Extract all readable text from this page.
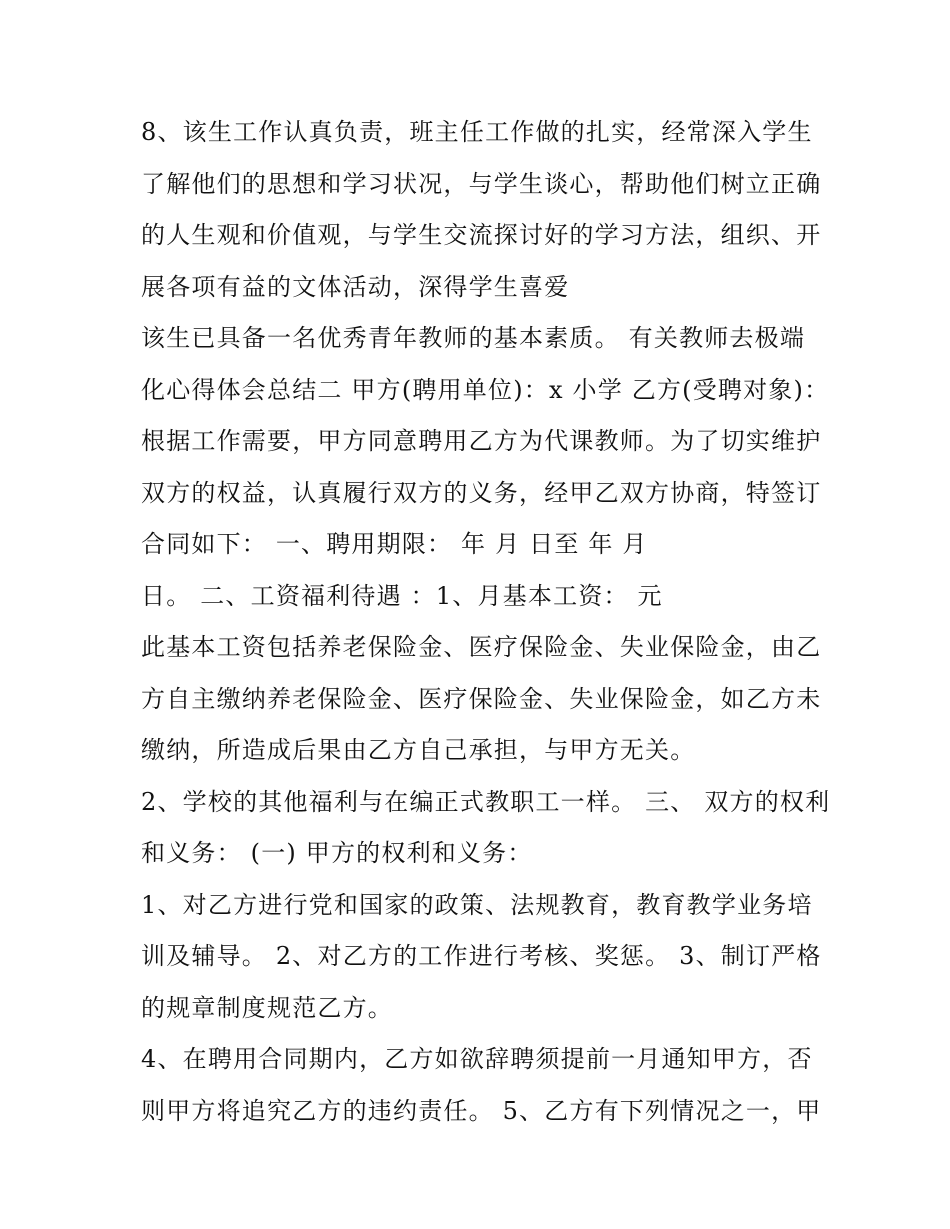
8、该生工作认真负责，班主任工作做的扎实，经常深入学生
了解他们的思想和学习状况，与学生谈心，帮助他们树立正确
的人生观和价值观，与学生交流探讨好的学习方法，组织、开
展各项有益的文体活动，深得学生喜爱
该生已具备一名优秀青年教师的基本素质。 有关教师去极端
化心得体会总结二 甲方(聘用单位)：x 小学 乙方(受聘对象)：
根据工作需要，甲方同意聘用乙方为代课教师。为了切实维护
双方的权益，认真履行双方的义务，经甲乙双方协商，特签订
合同如下： 一、聘用期限： 年 月 日至 年 月
日。 二、工资福利待遇 ：1、月基本工资： 元
此基本工资包括养老保险金、医疗保险金、失业保险金，由乙
方自主缴纳养老保险金、医疗保险金、失业保险金，如乙方未
缴纳，所造成后果由乙方自己承担，与甲方无关。
2、学校的其他福利与在编正式教职工一样。 三、 双方的权利
和义务： (一) 甲方的权利和义务：
1、对乙方进行党和国家的政策、法规教育，教育教学业务培
训及辅导。 2、对乙方的工作进行考核、奖惩。 3、制订严格
的规章制度规范乙方。
4、在聘用合同期内，乙方如欲辞聘须提前一月通知甲方，否
则甲方将追究乙方的违约责任。 5、乙方有下列情况之一，甲
